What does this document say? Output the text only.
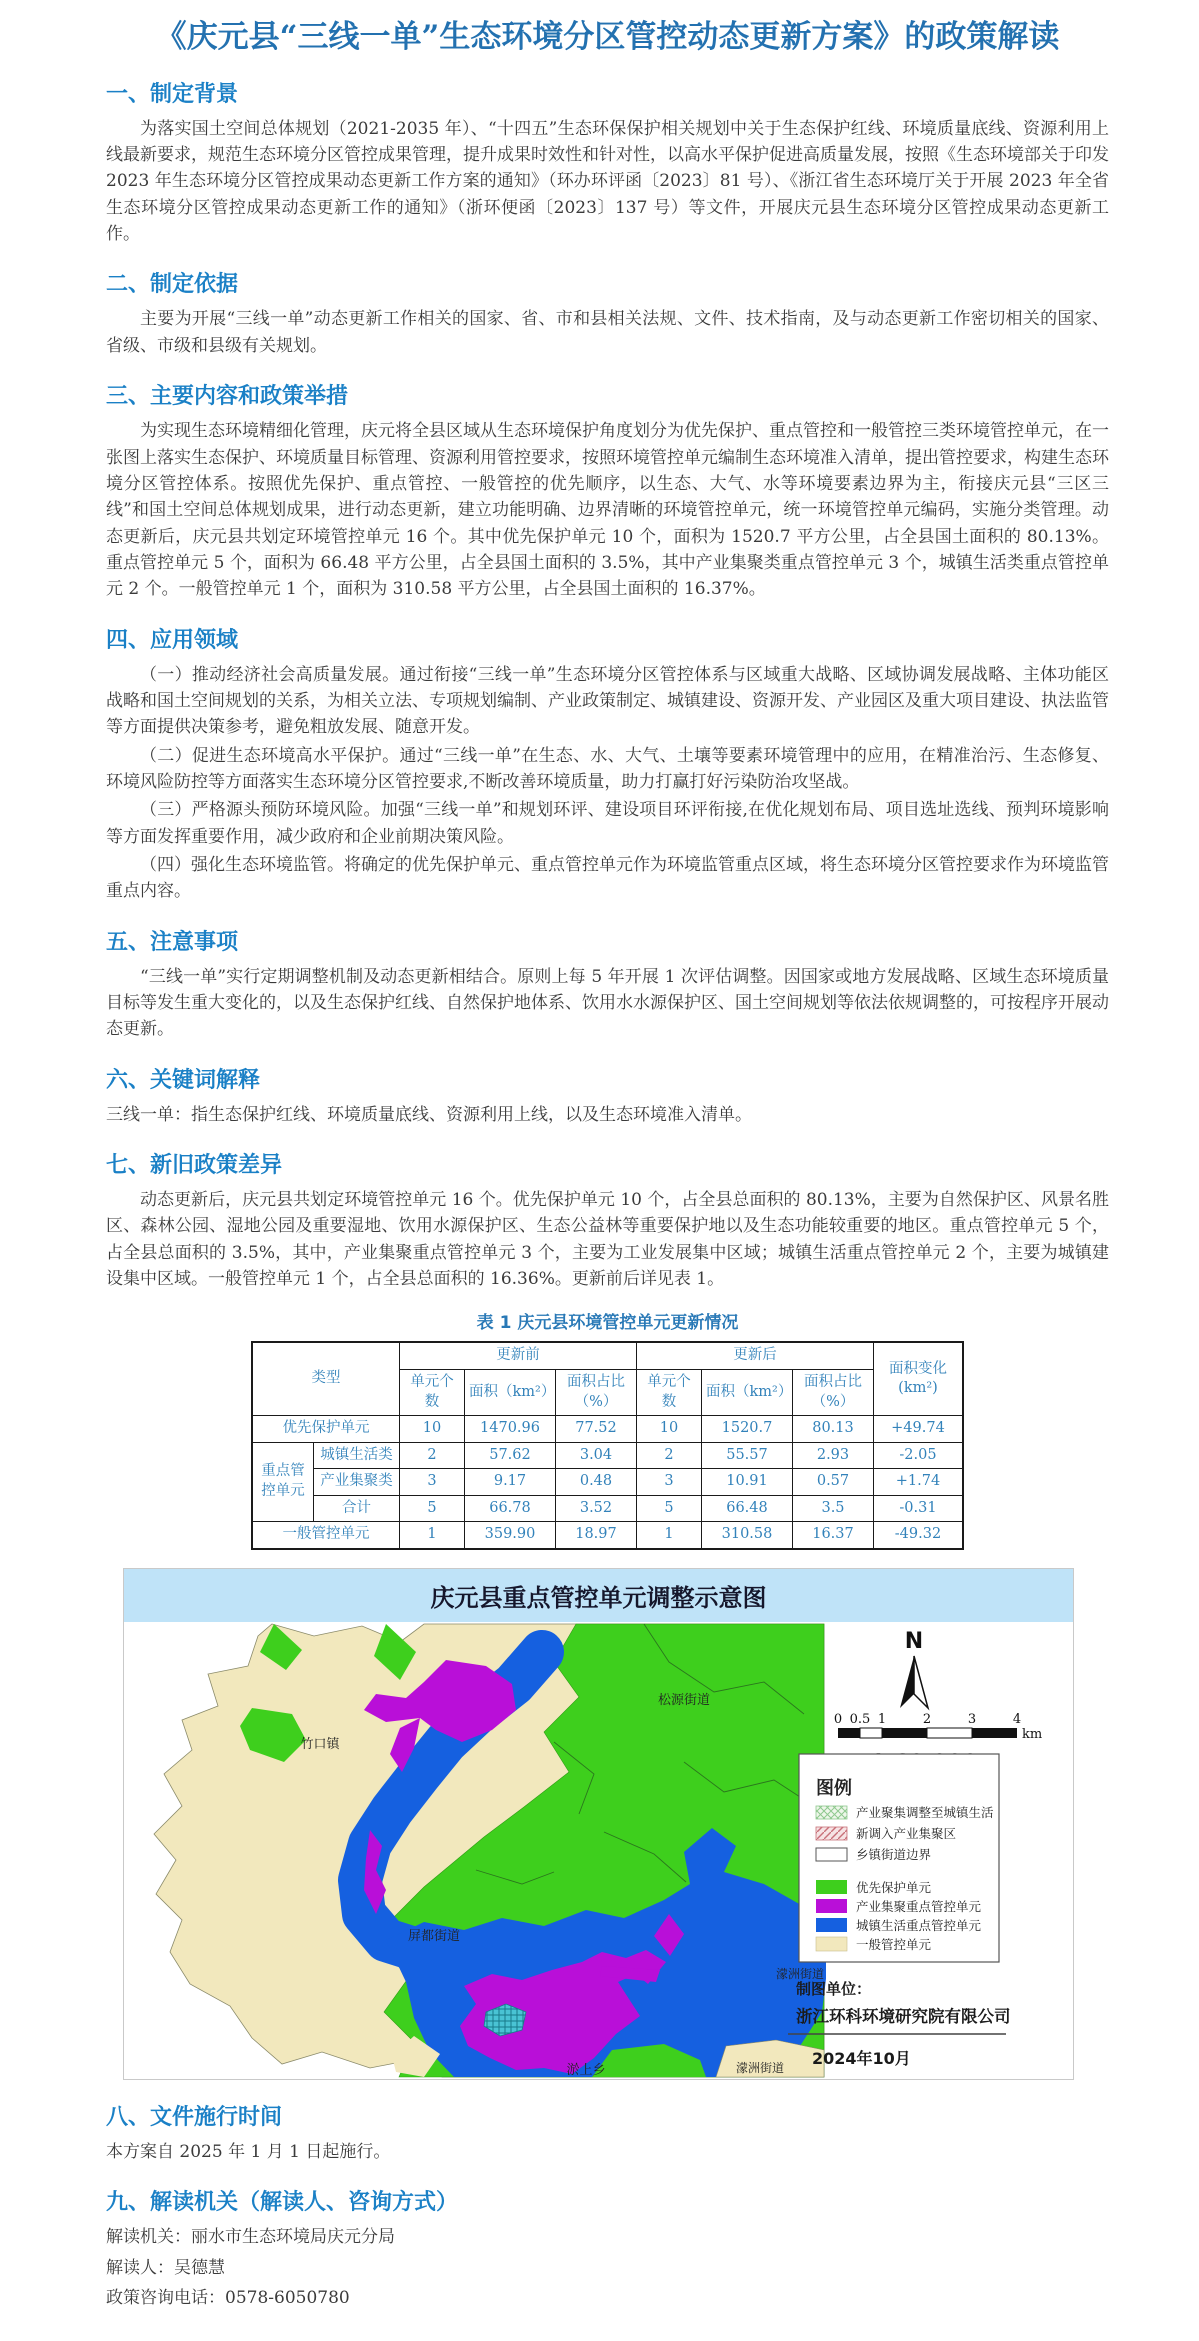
《庆元县“三线一单”生态环境分区管控动态更新方案》的政策解读
一、制定背景

为落实国土空间总体规划（2021-2035 年）、“十四五”生态环保保护相关规划中关于生态保护红线、环境质量底线、资源利用上线最新要求，规范生态环境分区管控成果管理，提升成果时效性和针对性，以高水平保护促进高质量发展，按照《生态环境部关于印发 2023 年生态环境分区管控成果动态更新工作方案的通知》（环办环评函〔2023〕81 号）、《浙江省生态环境厅关于开展 2023 年全省生态环境分区管控成果动态更新工作的通知》（浙环便函〔2023〕137 号）等文件，开展庆元县生态环境分区管控成果动态更新工作。

二、制定依据

主要为开展“三线一单”动态更新工作相关的国家、省、市和县相关法规、文件、技术指南，及与动态更新工作密切相关的国家、省级、市级和县级有关规划。

三、主要内容和政策举措

为实现生态环境精细化管理，庆元将全县区域从生态环境保护角度划分为优先保护、重点管控和一般管控三类环境管控单元，在一张图上落实生态保护、环境质量目标管理、资源利用管控要求，按照环境管控单元编制生态环境准入清单，提出管控要求，构建生态环境分区管控体系。按照优先保护、重点管控、一般管控的优先顺序，以生态、大气、水等环境要素边界为主，衔接庆元县“三区三线”和国土空间总体规划成果，进行动态更新，建立功能明确、边界清晰的环境管控单元，统一环境管控单元编码，实施分类管理。动态更新后，庆元县共划定环境管控单元 16 个。其中优先保护单元 10 个，面积为 1520.7 平方公里，占全县国土面积的 80.13%。重点管控单元 5 个，面积为 66.48 平方公里，占全县国土面积的 3.5%，其中产业集聚类重点管控单元 3 个，城镇生活类重点管控单元 2 个。一般管控单元 1 个，面积为 310.58 平方公里，占全县国土面积的 16.37%。

四、应用领域

（一）推动经济社会高质量发展。通过衔接“三线一单”生态环境分区管控体系与区域重大战略、区域协调发展战略、主体功能区战略和国土空间规划的关系，为相关立法、专项规划编制、产业政策制定、城镇建设、资源开发、产业园区及重大项目建设、执法监管等方面提供决策参考，避免粗放发展、随意开发。

（二）促进生态环境高水平保护。通过“三线一单”在生态、水、大气、土壤等要素环境管理中的应用，在精准治污、生态修复、环境风险防控等方面落实生态环境分区管控要求,不断改善环境质量，助力打赢打好污染防治攻坚战。

（三）严格源头预防环境风险。加强“三线一单”和规划环评、建设项目环评衔接,在优化规划布局、项目选址选线、预判环境影响等方面发挥重要作用，减少政府和企业前期决策风险。

（四）强化生态环境监管。将确定的优先保护单元、重点管控单元作为环境监管重点区域，将生态环境分区管控要求作为环境监管重点内容。

五、注意事项

“三线一单”实行定期调整机制及动态更新相结合。原则上每 5 年开展 1 次评估调整。因国家或地方发展战略、区域生态环境质量目标等发生重大变化的，以及生态保护红线、自然保护地体系、饮用水水源保护区、国土空间规划等依法依规调整的，可按程序开展动态更新。

六、关键词解释

三线一单：指生态保护红线、环境质量底线、资源利用上线，以及生态环境准入清单。

七、新旧政策差异

动态更新后，庆元县共划定环境管控单元 16 个。优先保护单元 10 个，占全县总面积的 80.13%，主要为自然保护区、风景名胜区、森林公园、湿地公园及重要湿地、饮用水源保护区、生态公益林等重要保护地以及生态功能较重要的地区。重点管控单元 5 个，占全县总面积的 3.5%，其中，产业集聚重点管控单元 3 个，主要为工业发展集中区域；城镇生活重点管控单元 2 个，主要为城镇建设集中区域。一般管控单元 1 个，占全县总面积的 16.36%。更新前后详见表 1。

表 1 庆元县环境管控单元更新情况
类型		更新前			更新后			面积变化(km²)
		单元个数	面积（km²）	面积占比（%）	单元个数	面积（km²）	面积占比（%）	
优先保护单元		10	1470.96	77.52	10	1520.7	80.13	+49.74
重点管控单元	城镇生活类	2	57.62	3.04	2	55.57	2.93	-2.05
	产业集聚类	3	9.17	0.48	3	10.91	0.57	+1.74
	合计	5	66.78	3.52	5	66.48	3.5	-0.31
一般管控单元		1	359.90	18.97	1	310.58	16.37	-49.32
庆元县重点管控单元调整示意图
竹口镇
松源街道
屏都街道
濛洲街道
淤上乡	濛洲街道
N
0 0.5 1	2	3	4
km
图例
产业聚集调整至城镇生活
新调入产业集聚区
乡镇街道边界
优先保护单元
产业集聚重点管控单元
城镇生活重点管控单元
一般管控单元
制图单位：
浙江环科环境研究院有限公司
2024年10月
八、文件施行时间

本方案自 2025 年 1 月 1 日起施行。

九、解读机关（解读人、咨询方式）

解读机关：丽水市生态环境局庆元分局

解读人：吴德慧

政策咨询电话：0578-6050780
